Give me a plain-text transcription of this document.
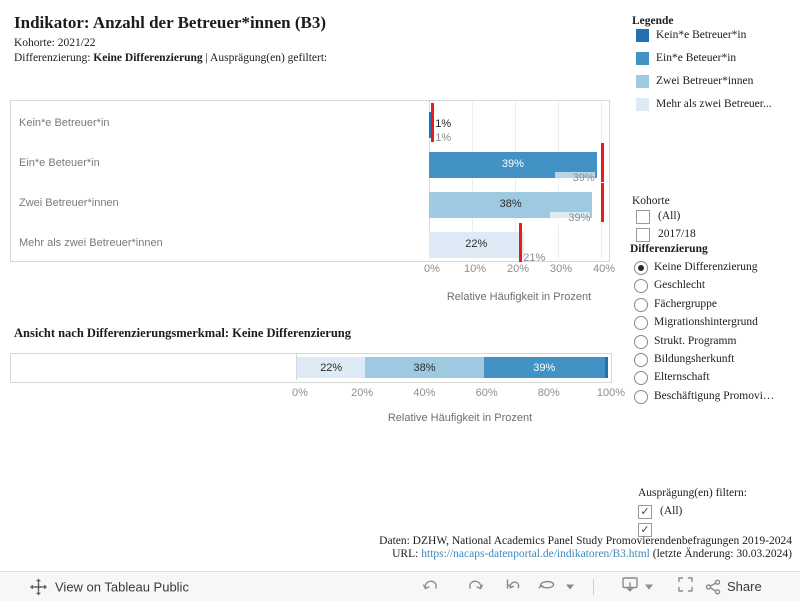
Indikator: Anzahl der Betreuer*innen (B3)
Kohorte: 2021/22
Differenzierung: Keine Differenzierung | Ausprägung(en) gefiltert:
Kein*e Betreuer*in	1%
1%
Ein*e Beteuer*in	39%
39%
Zwei Betreuer*innen	38%
39%
Mehr als zwei Betreuer*innen	22%
21%
0%	10%	20%	30%	40%
Relative Häufigkeit in Prozent
Ansicht nach Differenzierungsmerkmal: Keine Differenzierung
22%	38%	39%
0%	20%	40%	60%	80%	100%
Relative Häufigkeit in Prozent
Legende
Kein*e Betreuer*in
Ein*e Beteuer*in
Zwei Betreuer*innen
Mehr als zwei Betreuer...
Kohorte
(All)
2017/18
Differenzierung
Keine Differenzierung
Geschlecht
Fächergruppe
Migrationshintergrund
Strukt. Programm
Bildungsherkunft
Elternschaft
Beschäftigung Promovi…
Ausprägung(en) filtern:
✓ (All)
✓
Daten: DZHW, National Academics Panel Study Promovierendenbefragungen 2019-2024
URL: https://nacaps-datenportal.de/indikatoren/B3.html (letzte Änderung: 30.03.2024)
View on Tableau Public	Share
